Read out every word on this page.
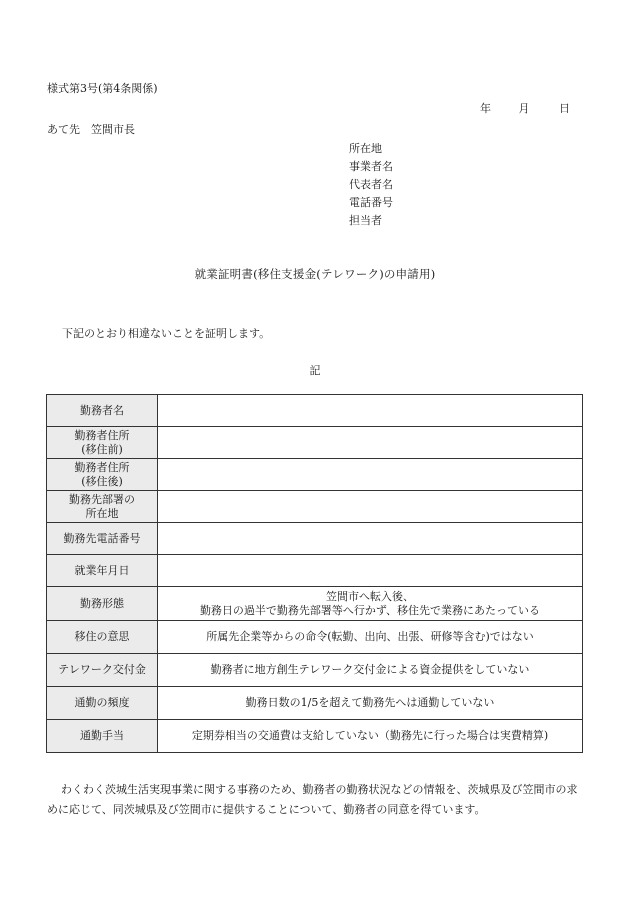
様式第3号(第4条関係)
年	月	日
あて先　笠間市長
所在地
事業者名
代表者名
電話番号
担当者
就業証明書(移住支援金(テレワーク)の申請用)
下記のとおり相違ないことを証明します。
記
勤務者名	

勤務者住所
(移住前)	

勤務者住所
(移住後)	

勤務先部署の
所在地	

勤務先電話番号	

就業年月日	

勤務形態	笠間市へ転入後、
勤務日の過半で勤務先部署等へ行かず、移住先で業務にあたっている

移住の意思	所属先企業等からの命令(転勤、出向、出張、研修等含む)ではない

テレワーク交付金	勤務者に地方創生テレワーク交付金による資金提供をしていない

通勤の頻度	勤務日数の1/5を超えて勤務先へは通勤していない

通勤手当	定期券相当の交通費は支給していない（勤務先に行った場合は実費精算)
わくわく茨城生活実現事業に関する事務のため、勤務者の勤務状況などの情報を、茨城県及び笠間市の求めに応じて、同茨城県及び笠間市に提供することについて、勤務者の同意を得ています。
